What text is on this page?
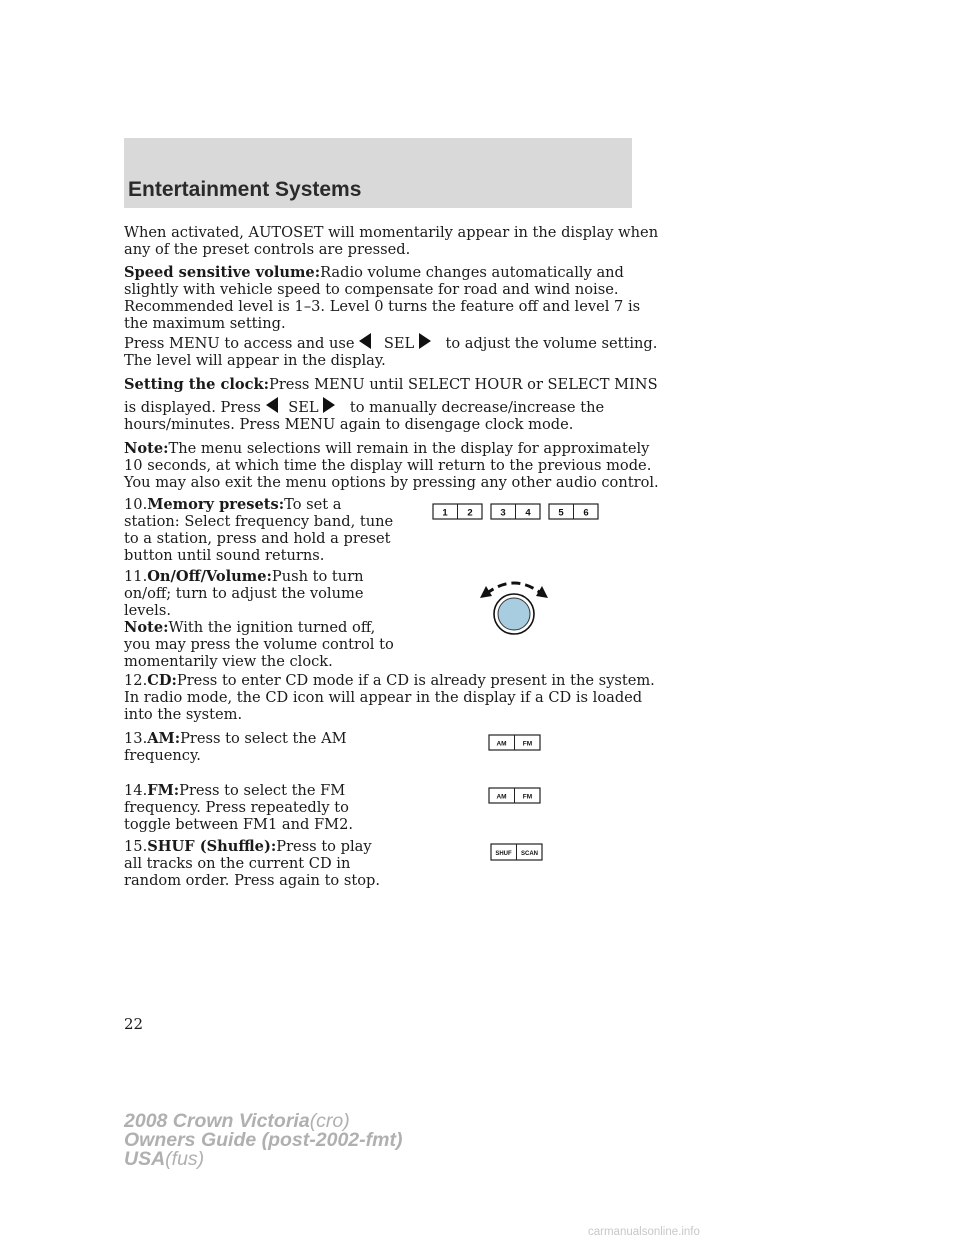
Entertainment Systems
When activated, AUTOSET will momentarily appear in the display when
any of the preset controls are pressed.
Speed sensitive volume:Radio volume changes automatically and
slightly with vehicle speed to compensate for road and wind noise.
Recommended level is 1–3. Level 0 turns the feature off and level 7 is
the maximum setting.
Press MENU to access and use SEL to adjust the volume setting.
The level will appear in the display.
Setting the clock:Press MENU until SELECT HOUR or SELECT MINS
is displayed. Press SEL to manually decrease/increase the
hours/minutes. Press MENU again to disengage clock mode.
Note:The menu selections will remain in the display for approximately
10 seconds, at which time the display will return to the previous mode.
You may also exit the menu options by pressing any other audio control.
10.Memory presets:To set a
station: Select frequency band, tune
to a station, press and hold a preset
button until sound returns.
1 2	3 4	5 6
11.On/Off/Volume:Push to turn
on/off; turn to adjust the volume
levels.
Note:With the ignition turned off,
you may press the volume control to
momentarily view the clock.
12.CD:Press to enter CD mode if a CD is already present in the system.
In radio mode, the CD icon will appear in the display if a CD is loaded
into the system.
13.AM:Press to select the AM
frequency.
AM	FM
14.FM:Press to select the FM
frequency. Press repeatedly to
toggle between FM1 and FM2.
AM	FM
15.SHUF (Shuffle):Press to play
all tracks on the current CD in
random order. Press again to stop.
SHUF SCAN
22
2008 Crown Victoria(cro)
Owners Guide (post-2002-fmt)
USA(fus)
carmanualsonline.info
